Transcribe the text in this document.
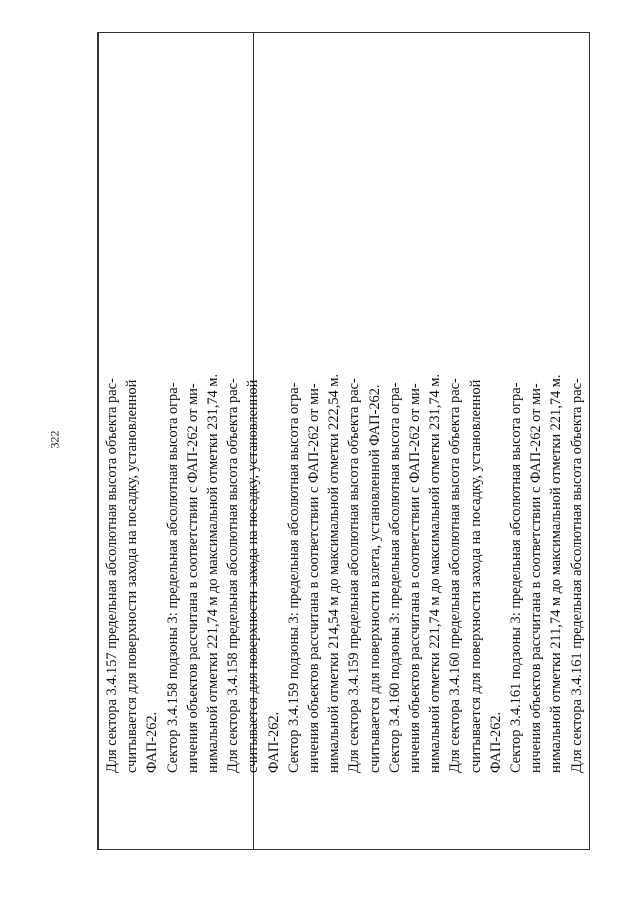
322	Для сектора 3.4.157 предельная абсолютная высота объекта рас- считывается для поверхности захода на посадку, установленной ФАП-262. Сектор 3.4.158 подзоны 3: предельная абсолютная высота огра- ничения объектов рассчитана в соответствии с ФАП-262 от ми- нимальной отметки 221,74 м до максимальной отметки 231,74 м. Для сектора 3.4.158 предельная абсолютная высота объекта рас- считывается для поверхности захода на посадку, установленной ФАП-262. Сектор 3.4.159 подзоны 3: предельная абсолютная высота огра- ничения объектов рассчитана в соответствии с ФАП-262 от ми- нимальной отметки 214,54 м до максимальной отметки 222,54 м. Для сектора 3.4.159 предельная абсолютная высота объекта рас- считывается для поверхности взлета, установленной ФАП-262. Сектор 3.4.160 подзоны 3: предельная абсолютная высота огра- ничения объектов рассчитана в соответствии с ФАП-262 от ми- нимальной отметки 221,74 м до максимальной отметки 231,74 м. Для сектора 3.4.160 предельная абсолютная высота объекта рас- считывается для поверхности захода на посадку, установленной ФАП-262. Сектор 3.4.161 подзоны 3: предельная абсолютная высота огра- ничения объектов рассчитана в соответствии с ФАП-262 от ми- нимальной отметки 211,74 м до максимальной отметки 221,74 м. Для сектора 3.4.161 предельная абсолютная высота объекта рас-
